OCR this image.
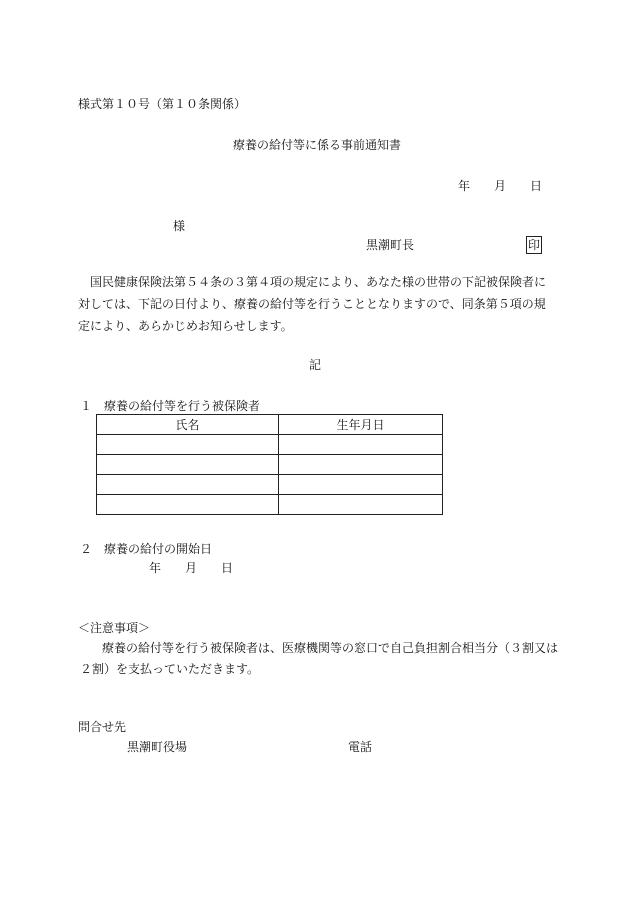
様式第１０号（第１０条関係）
療養の給付等に係る事前通知書
年 月 日
様
黒潮町長	印
国民健康保険法第５４条の３第４項の規定により、あなた様の世帯の下記被保険者に対しては、下記の日付より、療養の給付等を行うこととなりますので、同条第５項の規定により、あらかじめお知らせします。
記
１　療養の給付等を行う被保険者
氏名	生年月日

２　療養の給付の開始日
年 月 日
＜注意事項＞
療養の給付等を行う被保険者は、医療機関等の窓口で自己負担割合相当分（３割又は
２割）を支払っていただきます。
問合せ先
黒潮町役場	電話
